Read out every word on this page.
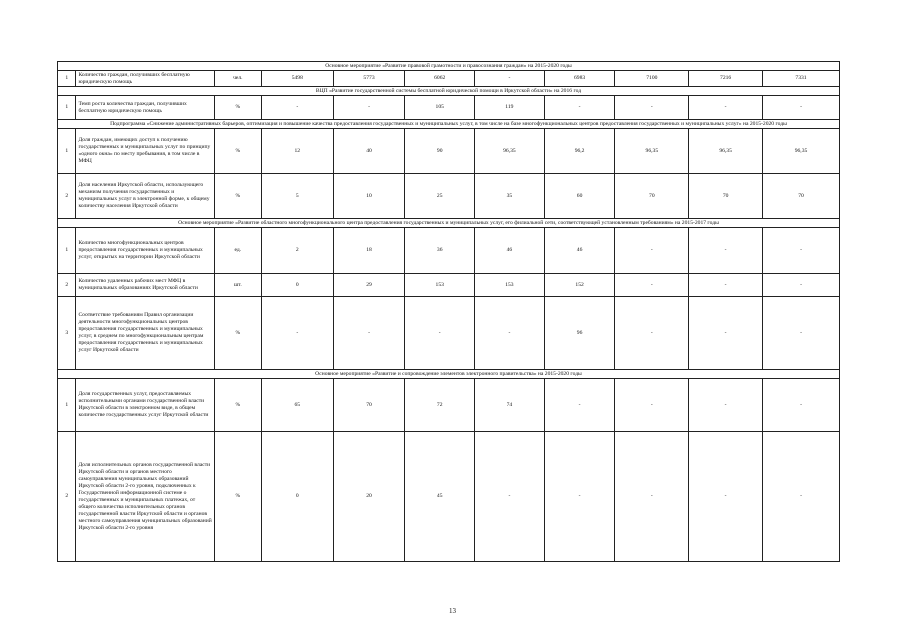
Основное мероприятие «Развитие правовой грамотности и правосознания граждан» на 2015-2020 годы										
1	Количество граждан, получивших бесплатную юридическую помощь	чел.	5498	5773	6062	-	6983	7100	7216	7331
ВЦП «Развитие государственной системы бесплатной юридической помощи в Иркутской области» на 2016 год										
1	Темп роста количества граждан, получивших бесплатную юридическую помощь	%	-	-	105	119	-	-	-	-
Подпрограмма «Снижение административных барьеров, оптимизация и повышение качества предоставления государственных и муниципальных услуг, в том числе на базе многофункциональных центров предоставления государственных и муниципальных услуг» на 2015-2020 годы										
1	Доля граждан, имеющих доступ к получению государственных и муниципальных услуг по принципу «одного окна» по месту пребывания, в том числе в МФЦ	%	12	40	90	96,35	96,2	96,35	96,35	96,35
2	Доля населения Иркутской области, использующего механизм получения государственных и муниципальных услуг в электронной форме, к общему количеству населения Иркутской области	%	5	10	25	35	60	70	70	70
Основное мероприятие «Развитие областного многофункционального центра предоставления государственных и муниципальных услуг, его филиальной сети, соответствующей установленным требованиям» на 2015-2017 годы										
1	Количество многофункциональных центров предоставления государственных и муниципальных услуг, открытых на территории Иркутской области	ед.	2	18	36	46	46	-	-	-
2	Количество удаленных рабочих мест МФЦ в муниципальных образованиях Иркутской области	шт.	0	29	153	153	152	-	-	-
3	Соответствие требованиям Правил организации деятельности многофункциональных центров предоставления государственных и муниципальных услуг, в среднем по многофункциональным центрам предоставления государственных и муниципальных услуг Иркутской области	%	-	-	-	-	96	-	-	-
Основное мероприятие «Развитие и сопровождение элементов электронного правительства» на 2015-2020 годы										
1	Доля государственных услуг, предоставляемых исполнительными органами государственной власти Иркутской области в электронном виде, в общем количестве государственных услуг Иркутской области	%	65	70	72	74	-	-	-	-
2	Доля исполнительных органов государственной власти Иркутской области и органов местного самоуправления муниципальных образований Иркутской области 2-го уровня, подключенных к Государственной информационной системе о государственных и муниципальных платежах, от общего количества исполнительных органов государственной власти Иркутской области и органов местного самоуправления муниципальных образований Иркутской области 2-го уровня	%	0	20	45	-	-	-	-	-
13
